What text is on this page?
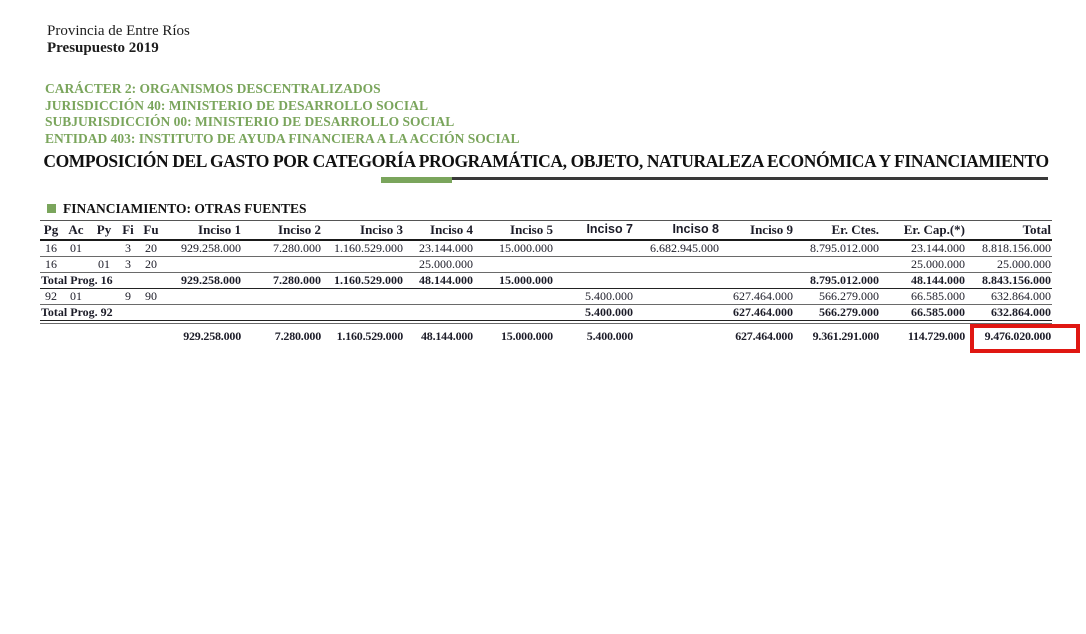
Provincia de Entre Ríos
Presupuesto 2019
CARÁCTER 2: ORGANISMOS DESCENTRALIZADOS
JURISDICCIÓN 40: MINISTERIO DE DESARROLLO SOCIAL
SUBJURISDICCIÓN 00: MINISTERIO DE DESARROLLO SOCIAL
ENTIDAD 403: INSTITUTO DE AYUDA FINANCIERA A LA ACCIÓN SOCIAL
COMPOSICIÓN DEL GASTO POR CATEGORÍA PROGRAMÁTICA, OBJETO, NATURALEZA ECONÓMICA Y FINANCIAMIENTO
FINANCIAMIENTO: OTRAS FUENTES
Pg	Ac	Py	Fi	Fu	Inciso 1	Inciso 2	Inciso 3	Inciso 4	Inciso 5	Inciso 7	Inciso 8	Inciso 9	Er. Ctes.	Er. Cap.(*)	Total
16	01		3	20	929.258.000	7.280.000	1.160.529.000	23.144.000	15.000.000		6.682.945.000		8.795.012.000	23.144.000	8.818.156.000
16		01	3	20				25.000.000						25.000.000	25.000.000
Total Prog. 16					929.258.000	7.280.000	1.160.529.000	48.144.000	15.000.000				8.795.012.000	48.144.000	8.843.156.000
92	01		9	90						5.400.000		627.464.000	566.279.000	66.585.000	632.864.000
Total Prog. 92										5.400.000		627.464.000	566.279.000	66.585.000	632.864.000

					929.258.000	7.280.000	1.160.529.000	48.144.000	15.000.000	5.400.000		627.464.000	9.361.291.000	114.729.000	9.476.020.000
